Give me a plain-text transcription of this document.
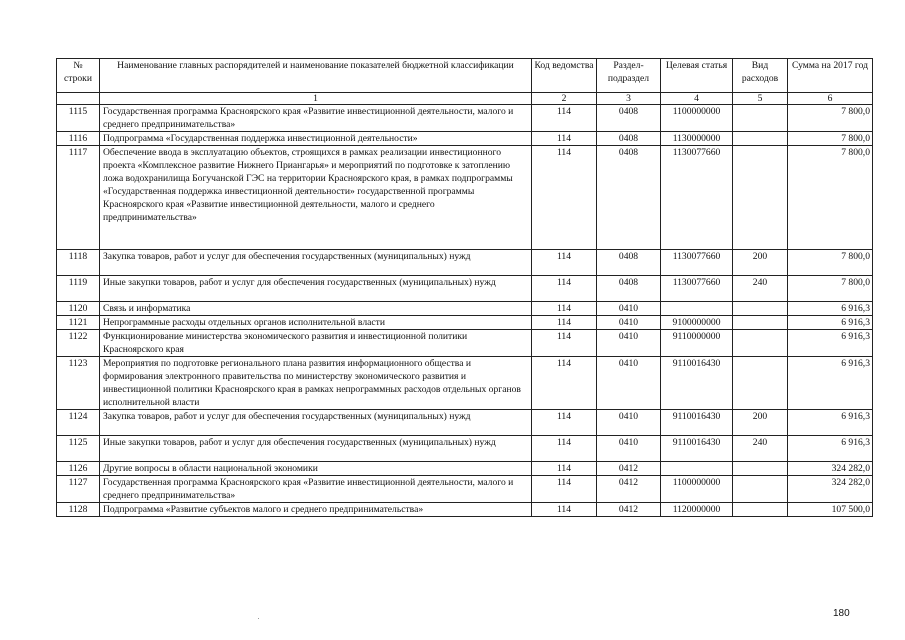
№ строки	Наименование главных распорядителей и наименование показателей бюджетной классификации	Код ведомства	Раздел-подраздел	Целевая статья	Вид расходов	Сумма на 2017 год
	1	2	3	4	5	6
1115	Государственная программа Красноярского края «Развитие инвестиционной деятельности, малого и среднего предпринимательства»	114	0408	1100000000		7 800,0
1116	Подпрограмма «Государственная поддержка инвестиционной деятельности»	114	0408	1130000000		7 800,0
1117	Обеспечение ввода в эксплуатацию объектов, строящихся в рамках реализации инвестиционного проекта «Комплексное развитие Нижнего Приангарья» и мероприятий по подготовке к затоплению ложа водохранилища Богучанской ГЭС на территории Красноярского края, в рамках подпрограммы «Государственная поддержка инвестиционной деятельности» государственной программы Красноярского края «Развитие инвестиционной деятельности, малого и среднего предпринимательства»	114	0408	1130077660		7 800,0
1118	Закупка товаров, работ и услуг для обеспечения государственных (муниципальных) нужд	114	0408	1130077660	200	7 800,0
1119	Иные закупки товаров, работ и услуг для обеспечения государственных (муниципальных) нужд	114	0408	1130077660	240	7 800,0
1120	Связь и информатика	114	0410			6 916,3
1121	Непрограммные расходы отдельных органов исполнительной власти	114	0410	9100000000		6 916,3
1122	Функционирование министерства экономического развития и инвестиционной политики Красноярского края	114	0410	9110000000		6 916,3
1123	Мероприятия по подготовке регионального плана развития информационного общества и формирования электронного правительства по министерству экономического развития и инвестиционной политики Красноярского края в рамках непрограммных расходов отдельных органов исполнительной власти	114	0410	9110016430		6 916,3
1124	Закупка товаров, работ и услуг для обеспечения государственных (муниципальных) нужд	114	0410	9110016430	200	6 916,3
1125	Иные закупки товаров, работ и услуг для обеспечения государственных (муниципальных) нужд	114	0410	9110016430	240	6 916,3
1126	Другие вопросы в области национальной экономики	114	0412			324 282,0
1127	Государственная программа Красноярского края «Развитие инвестиционной деятельности, малого и среднего предпринимательства»	114	0412	1100000000		324 282,0
1128	Подпрограмма «Развитие субъектов малого и среднего предпринимательства»	114	0412	1120000000		107 500,0
180
